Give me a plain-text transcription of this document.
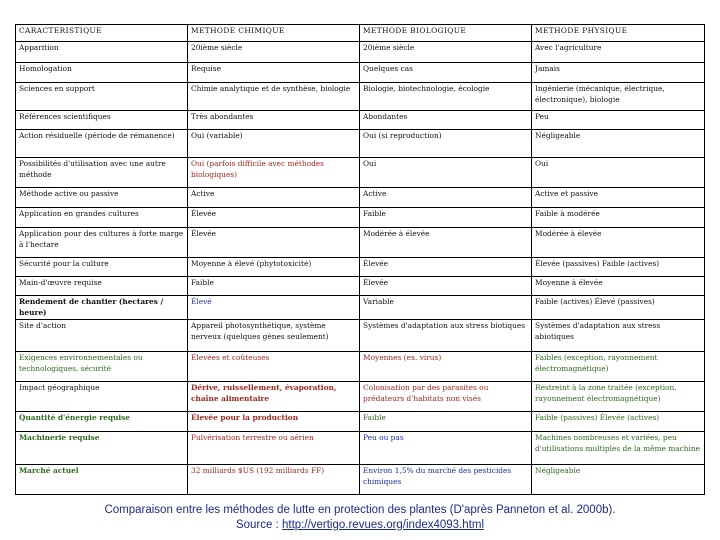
CARACTERISTIQUE	METHODE CHIMIQUE	METHODE BIOLOGIQUE	METHODE PHYSIQUE
Apparition	20ième siècle	20ième siècle	Avec l'agriculture
Homologation	Requise	Quelques cas	Jamais
Sciences en support	Chimie analytique et de synthèse, biologie	Biologie, biotechnologie, écologie	Ingénierie (mécanique, électrique, électronique), biologie
Références scientifiques	Très abondantes	Abondantes	Peu
Action résiduelle (période de rémanence)	Oui (variable)	Oui (si reproduction)	Négligeable
Possibilités d'utilisation avec une autre méthode	Oui (parfois difficile avec méthodes biologiques)	Oui	Oui
Méthode active ou passive	Active	Active	Active et passive
Application en grandes cultures	Élevée	Faible	Faible à modérée
Application pour des cultures à forte marge à l'hectare	Élevée	Modérée à élevée	Modérée à élevée
Sécurité pour la culture	Moyenne à élevé (phytotoxicité)	Élevée	Élevée (passives) Faible (actives)
Main-d'œuvre requise	Faible	Élevée	Moyenne à élevée
Rendement de chantier (hectares / heure)	Élevé	Variable	Faible (actives) Élevé (passives)
Site d'action	Appareil photosynthétique, système nerveux (quelques gènes seulement)	Systèmes d'adaptation aux stress biotiques	Systèmes d'adaptation aux stress abiotiques
Exigences environnementales ou technologiques, sécurité	Élevées et coûteuses	Moyennes (ex. virus)	Faibles (exception, rayonnement électromagnétique)
Impact géographique	Dérive, ruissellement, évaporation, chaîne alimentaire	Colonisation par des parasites ou prédateurs d'habitats non visés	Restreint à la zone traitée (exception, rayonnement électromagnétique)
Quantité d'énergie requise	Élevée pour la production	Faible	Faible (passives) Élevée (actives)
Machinerie requise	Pulvérisation terrestre ou aérien	Peu ou pas	Machines nombreuses et variées, peu d'utilisations multiples de la même machine
Marché actuel	32 milliards $US (192 milliards FF)	Environ 1,5% du marché des pesticides chimiques	Négligeable
Comparaison entre les méthodes de lutte en protection des plantes (D'après Panneton et al. 2000b).
Source : http://vertigo.revues.org/index4093.html
